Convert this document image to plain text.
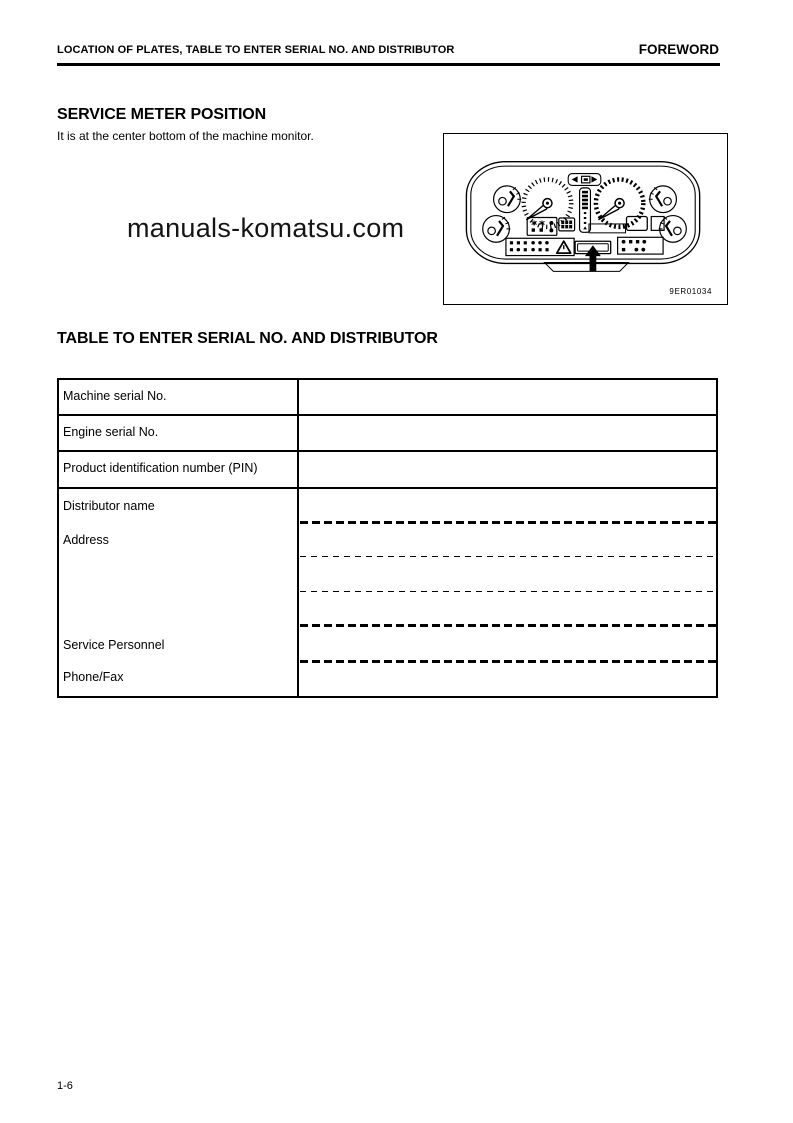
LOCATION OF PLATES, TABLE TO ENTER SERIAL NO. AND DISTRIBUTOR	FOREWORD
SERVICE METER POSITION
It is at the center bottom of the machine monitor.
manuals-komatsu.com
9ER01034
TABLE TO ENTER SERIAL NO. AND DISTRIBUTOR
Machine serial No.
Engine serial No.
Product identification number (PIN)
Distributor name
Address
Service Personnel
Phone/Fax
1-6
